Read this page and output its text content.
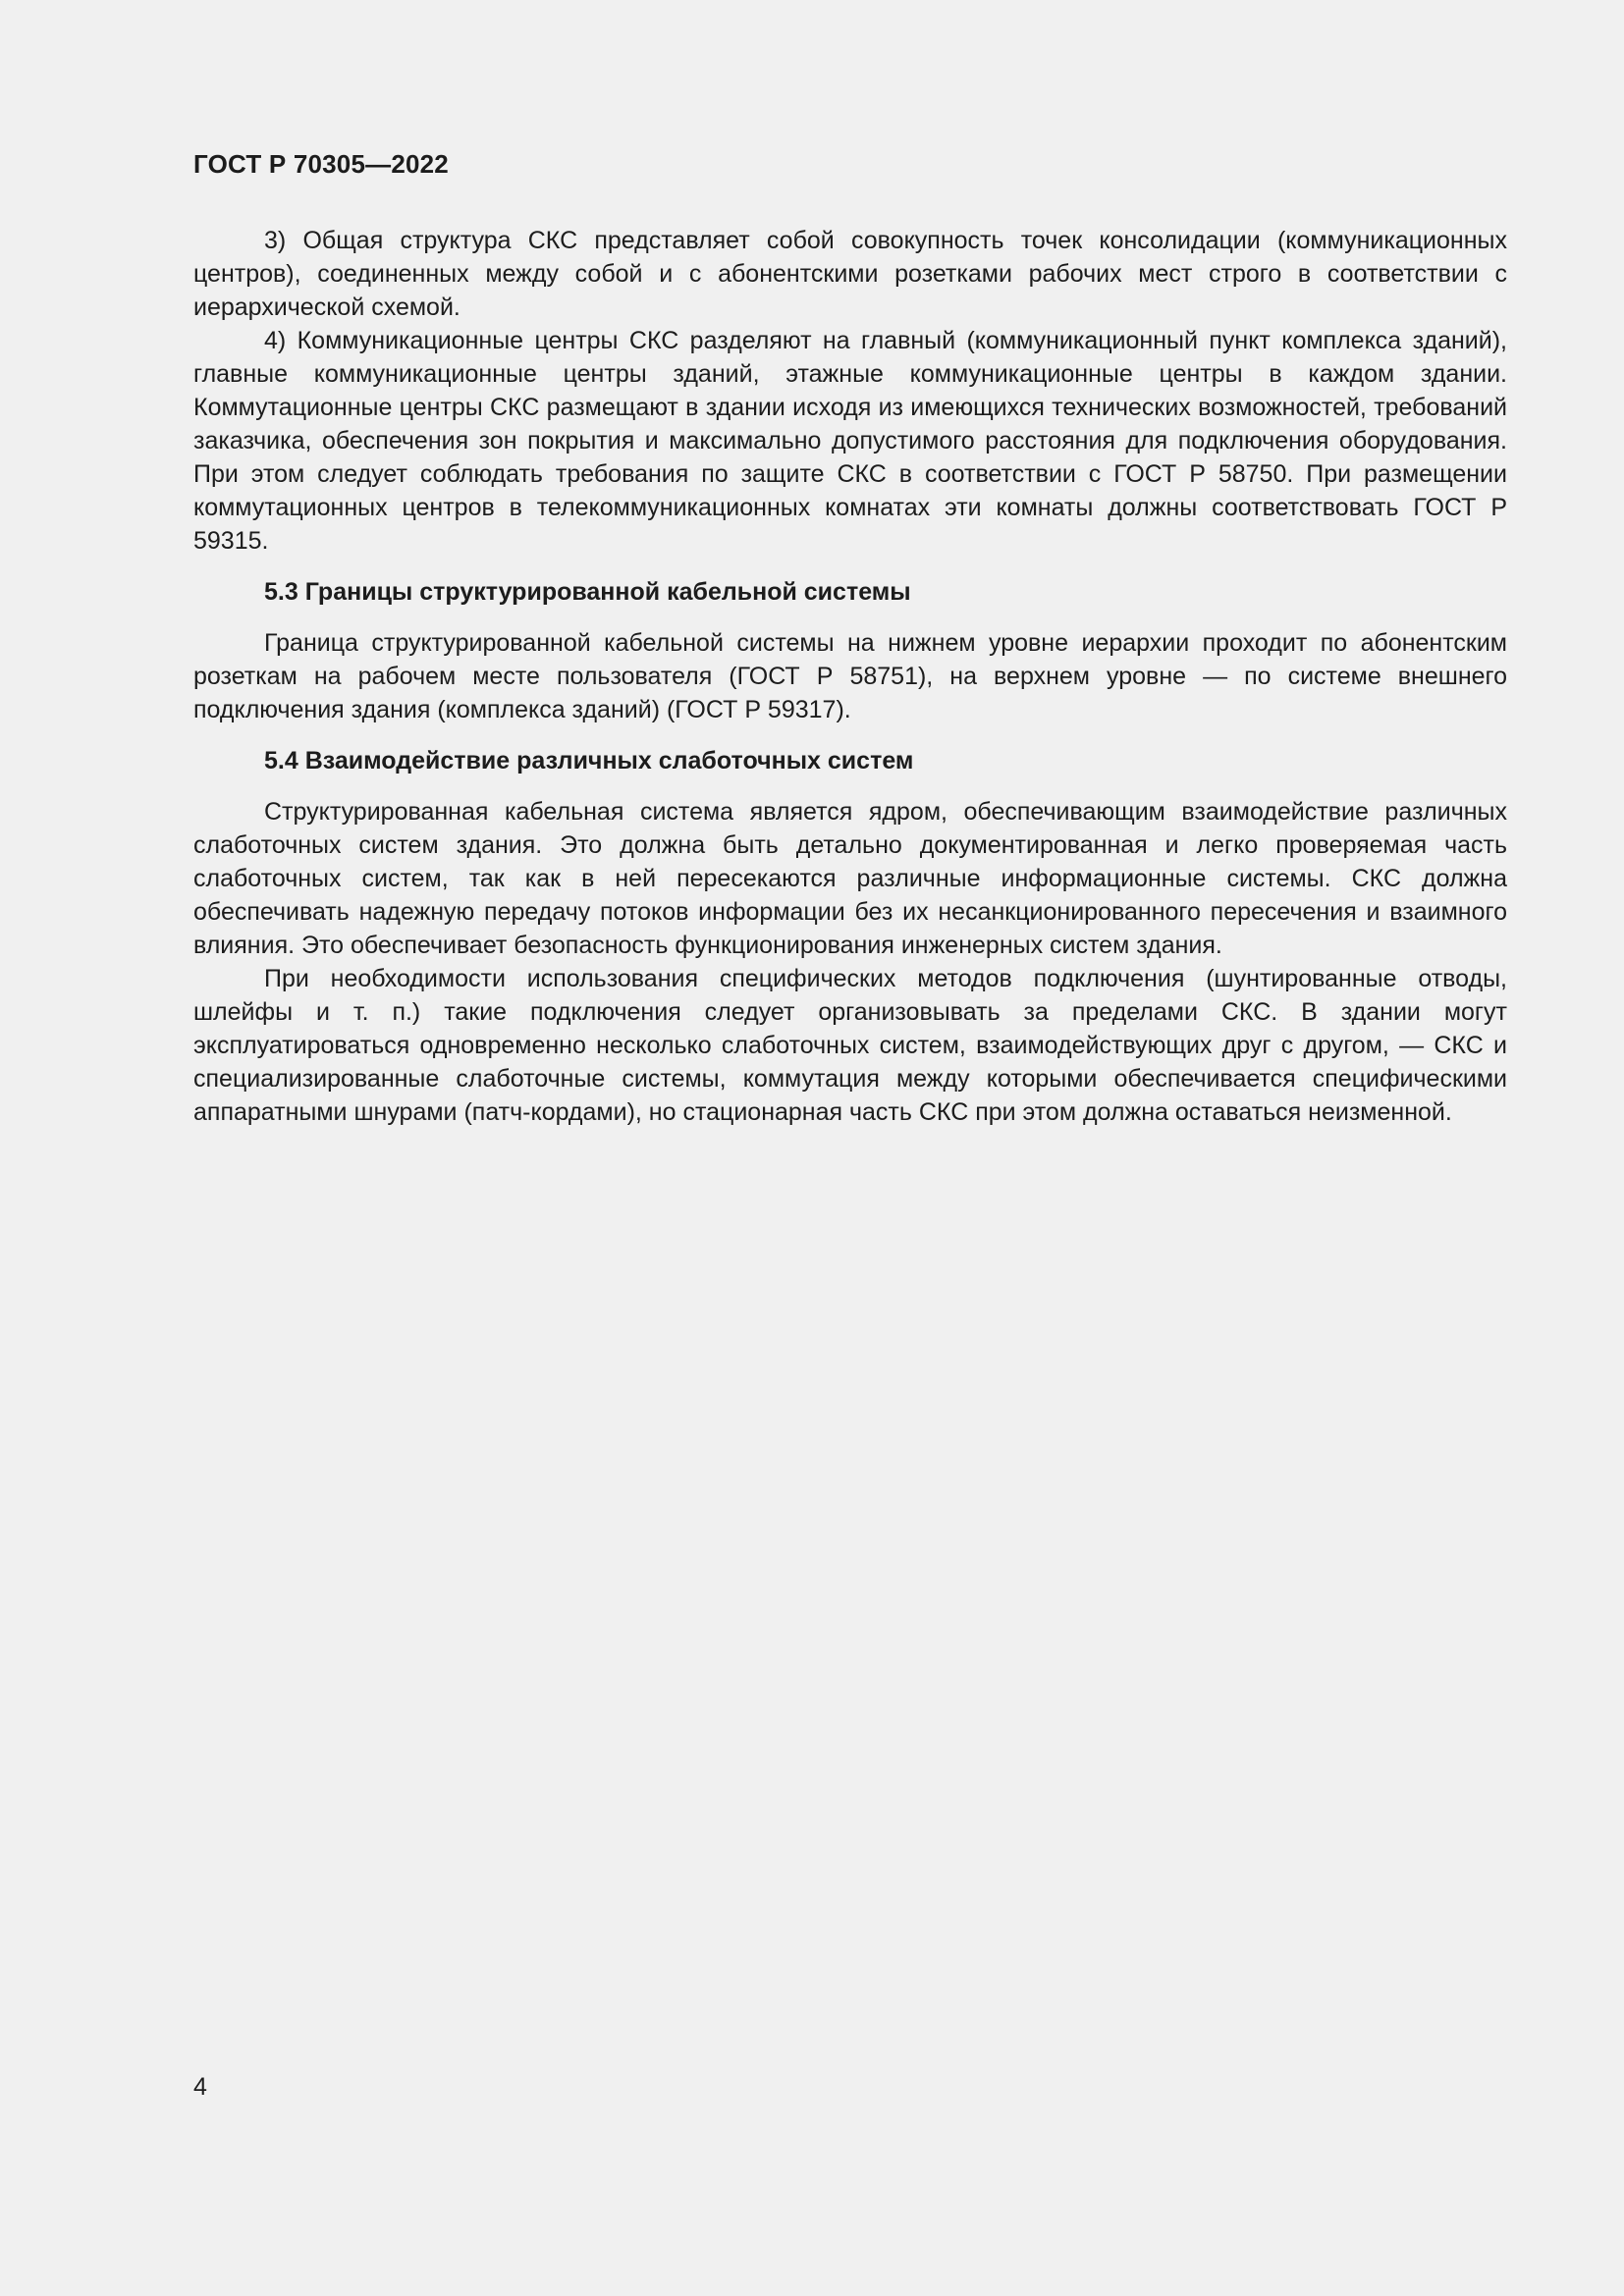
ГОСТ Р 70305—2022

3) Общая структура СКС представляет собой совокупность точек консолидации (коммуникационных центров), соединенных между собой и с абонентскими розетками рабочих мест строго в соответствии с иерархической схемой.

4) Коммуникационные центры СКС разделяют на главный (коммуникационный пункт комплекса зданий), главные коммуникационные центры зданий, этажные коммуникационные центры в каждом здании. Коммутационные центры СКС размещают в здании исходя из имеющихся технических возможностей, требований заказчика, обеспечения зон покрытия и максимально допустимого расстояния для подключения оборудования. При этом следует соблюдать требования по защите СКС в соответствии с ГОСТ Р 58750. При размещении коммутационных центров в телекоммуникационных комнатах эти комнаты должны соответствовать ГОСТ Р 59315.

5.3 Границы структурированной кабельной системы

Граница структурированной кабельной системы на нижнем уровне иерархии проходит по абонентским розеткам на рабочем месте пользователя (ГОСТ Р 58751), на верхнем уровне — по системе внешнего подключения здания (комплекса зданий) (ГОСТ Р 59317).

5.4 Взаимодействие различных слаботочных систем

Структурированная кабельная система является ядром, обеспечивающим взаимодействие различных слаботочных систем здания. Это должна быть детально документированная и легко проверяемая часть слаботочных систем, так как в ней пересекаются различные информационные системы. СКС должна обеспечивать надежную передачу потоков информации без их несанкционированного пересечения и взаимного влияния. Это обеспечивает безопасность функционирования инженерных систем здания.

При необходимости использования специфических методов подключения (шунтированные отводы, шлейфы и т. п.) такие подключения следует организовывать за пределами СКС. В здании могут эксплуатироваться одновременно несколько слаботочных систем, взаимодействующих друг с другом, — СКС и специализированные слаботочные системы, коммутация между которыми обеспечивается специфическими аппаратными шнурами (патч-кордами), но стационарная часть СКС при этом должна оставаться неизменной.

4
